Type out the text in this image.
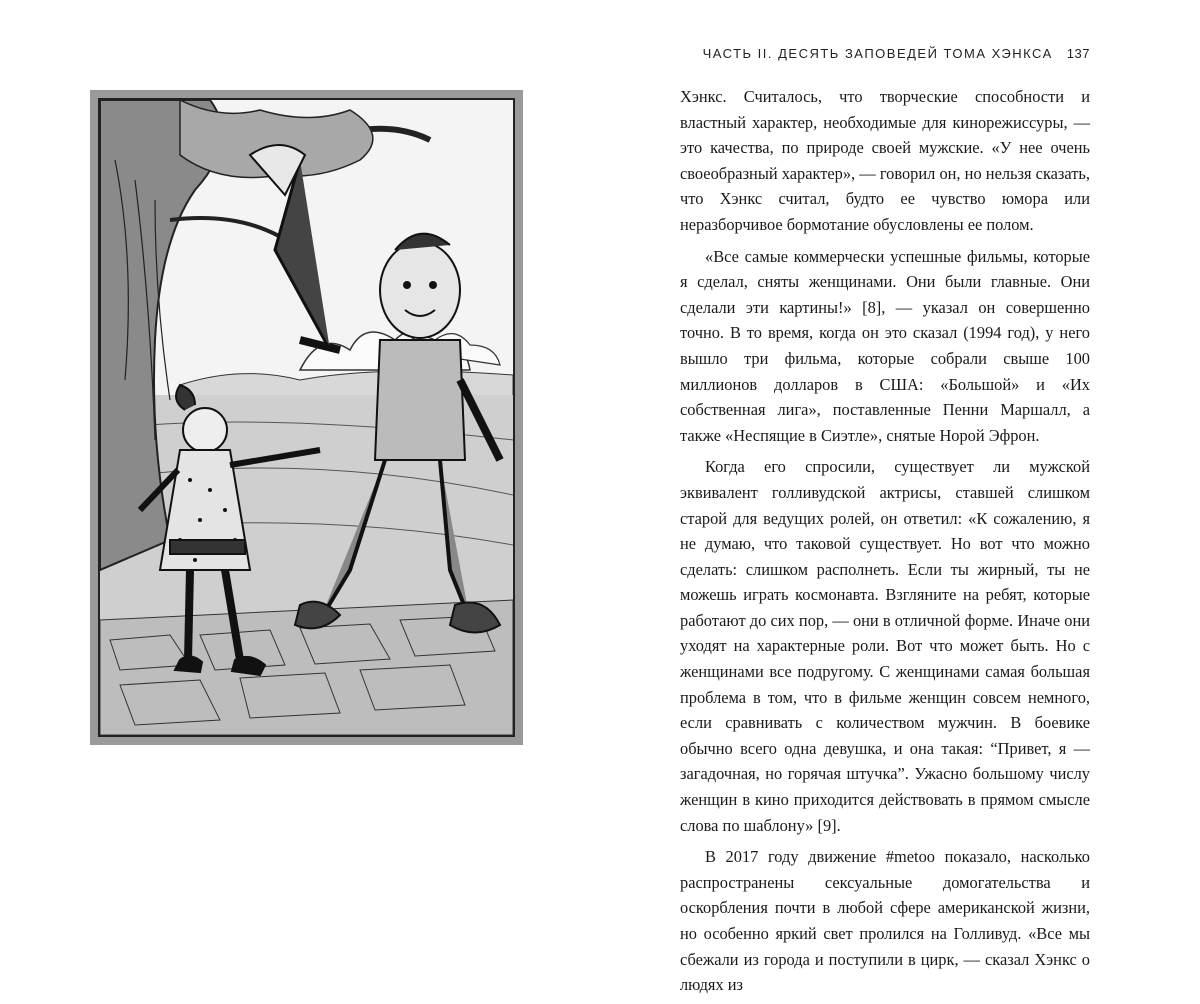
ЧАСТЬ II. ДЕСЯТЬ ЗАПОВЕДЕЙ ТОМА ХЭНКСА 137

Хэнкс. Считалось, что творческие способности и властный характер, необходимые для кинорежиссуры, — это качества, по природе своей мужские. «У нее очень своеобразный характер», — говорил он, но нельзя сказать, что Хэнкс считал, будто ее чувство юмора или неразборчивое бормотание обусловлены ее полом.

«Все самые коммерчески успешные фильмы, которые я сделал, сняты женщинами. Они были главные. Они сделали эти картины!» [8], — указал он совершенно точно. В то время, когда он это сказал (1994 год), у него вышло три фильма, которые собрали свыше 100 миллионов долларов в США: «Большой» и «Их собственная лига», поставленные Пенни Маршалл, а также «Неспящие в Сиэтле», снятые Норой Эфрон.

Когда его спросили, существует ли мужской эквивалент голливудской актрисы, ставшей слишком старой для ведущих ролей, он ответил: «К сожалению, я не думаю, что таковой существует. Но вот что можно сделать: слишком располнеть. Если ты жирный, ты не можешь играть космонавта. Взгляните на ребят, которые работают до сих пор, — они в отличной форме. Иначе они уходят на характерные роли. Вот что может быть. Но с женщинами все подругому. С женщинами самая большая проблема в том, что в фильме женщин совсем немного, если сравнивать с количеством мужчин. В боевике обычно всего одна девушка, и она такая: “Привет, я — загадочная, но горячая штучка”. Ужасно большому числу женщин в кино приходится действовать в прямом смысле слова по шаблону» [9].

В 2017 году движение #metoo показало, насколько распространены сексуальные домогательства и оскорбления почти в любой сфере американской жизни, но особенно яркий свет пролился на Голливуд. «Все мы сбежали из города и поступили в цирк, — сказал Хэнкс о людях из
